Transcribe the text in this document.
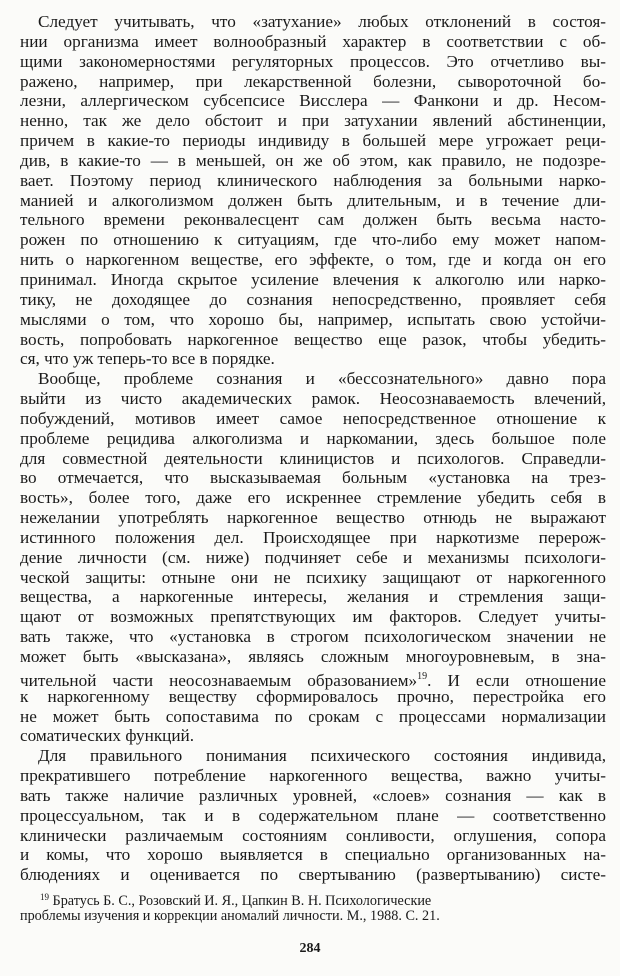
Следует учитывать, что «затухание» любых отклонений в состоя-
нии организма имеет волнообразный характер в соответствии с об-
щими закономерностями регуляторных процессов. Это отчетливо вы-
ражено, например, при лекарственной болезни, сывороточной бо-
лезни, аллергическом субсепсисе Висслера — Фанкони и др. Несом-
ненно, так же дело обстоит и при затухании явлений абстиненции,
причем в какие-то периоды индивиду в большей мере угрожает реци-
див, в какие-то — в меньшей, он же об этом, как правило, не подозре-
вает. Поэтому период клинического наблюдения за больными нарко-
манией и алкоголизмом должен быть длительным, и в течение дли-
тельного времени реконвалесцент сам должен быть весьма насто-
рожен по отношению к ситуациям, где что-либо ему может напом-
нить о наркогенном веществе, его эффекте, о том, где и когда он его
принимал. Иногда скрытое усиление влечения к алкоголю или нарко-
тику, не доходящее до сознания непосредственно, проявляет себя
мыслями о том, что хорошо бы, например, испытать свою устойчи-
вость, попробовать наркогенное вещество еще разок, чтобы убедить-
ся, что уж теперь-то все в порядке.
Вообще, проблеме сознания и «бессознательного» давно пора
выйти из чисто академических рамок. Неосознаваемость влечений,
побуждений, мотивов имеет самое непосредственное отношение к
проблеме рецидива алкоголизма и наркомании, здесь большое поле
для совместной деятельности клиницистов и психологов. Справедли-
во отмечается, что высказываемая больным «установка на трез-
вость», более того, даже его искреннее стремление убедить себя в
нежелании употреблять наркогенное вещество отнюдь не выражают
истинного положения дел. Происходящее при наркотизме перерож-
дение личности (см. ниже) подчиняет себе и механизмы психологи-
ческой защиты: отныне они не психику защищают от наркогенного
вещества, а наркогенные интересы, желания и стремления защи-
щают от возможных препятствующих им факторов. Следует учиты-
вать также, что «установка в строгом психологическом значении не
может быть «высказана», являясь сложным многоуровневым, в зна-
чительной части неосознаваемым образованием»$^{19}$. И если отношение
к наркогенному веществу сформировалось прочно, перестройка его
не может быть сопоставима по срокам с процессами нормализации
соматических функций.
Для правильного понимания психического состояния индивида,
прекратившего потребление наркогенного вещества, важно учиты-
вать также наличие различных уровней, «слоев» сознания — как в
процессуальном, так и в содержательном плане — соответственно
клинически различаемым состояниям сонливости, оглушения, сопора
и комы, что хорошо выявляется в специально организованных на-
блюдениях и оценивается по свертыванию (развертыванию) систе-
$^{19}$ Братусь Б. С., Розовский И. Я., Цапкин В. Н. Психологические
проблемы изучения и коррекции аномалий личности. М., 1988. С. 21.
284
